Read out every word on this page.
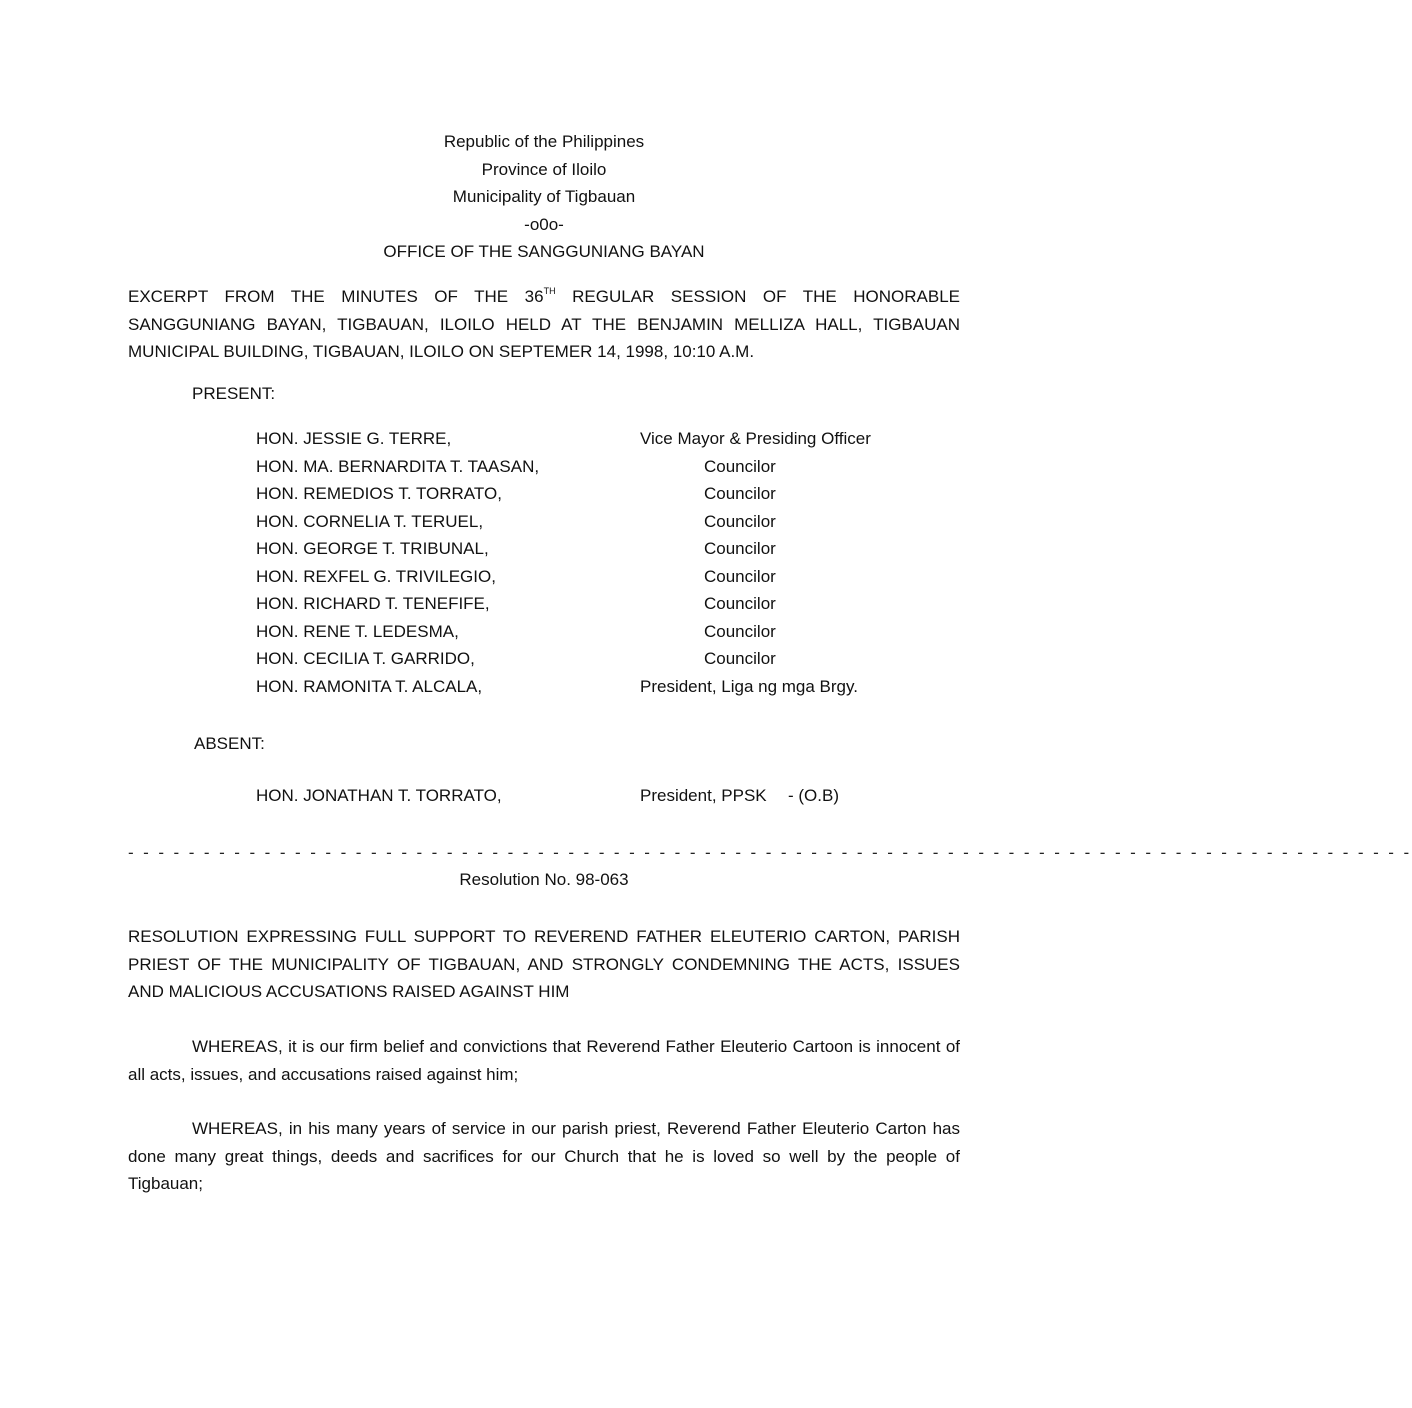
Republic of the Philippines
Province of Iloilo
Municipality of Tigbauan
-o0o-
OFFICE OF THE SANGGUNIANG BAYAN
EXCERPT FROM THE MINUTES OF THE 36TH REGULAR SESSION OF THE HONORABLE SANGGUNIANG BAYAN, TIGBAUAN, ILOILO HELD AT THE BENJAMIN MELLIZA HALL, TIGBAUAN MUNICIPAL BUILDING, TIGBAUAN, ILOILO ON SEPTEMER 14, 1998, 10:10 A.M.
PRESENT:
HON. JESSIE G. TERRE,	Vice Mayor & Presiding Officer
HON. MA. BERNARDITA T. TAASAN,	Councilor
HON. REMEDIOS T. TORRATO,	Councilor
HON. CORNELIA T. TERUEL,	Councilor
HON. GEORGE T. TRIBUNAL,	Councilor
HON. REXFEL G. TRIVILEGIO,	Councilor
HON. RICHARD T. TENEFIFE,	Councilor
HON. RENE T. LEDESMA,	Councilor
HON. CECILIA T. GARRIDO,	Councilor
HON. RAMONITA T. ALCALA,	President, Liga ng mga Brgy.
ABSENT:
HON. JONATHAN T. TORRATO,	President, PPSK - (O.B)
- - - - - - - - - - - - - - - - - - - - - - - - - - - - - - - - - - - - - - - - - - - - - - - - - - - - - - - - - - - - - - - - - - - - - - - - - - - - - - - - - - - - -
Resolution No. 98-063
RESOLUTION EXPRESSING FULL SUPPORT TO REVEREND FATHER ELEUTERIO CARTON, PARISH PRIEST OF THE MUNICIPALITY OF TIGBAUAN, AND STRONGLY CONDEMNING THE ACTS, ISSUES AND MALICIOUS ACCUSATIONS RAISED AGAINST HIM
WHEREAS, it is our firm belief and convictions that Reverend Father Eleuterio Cartoon is innocent of all acts, issues, and accusations raised against him;
WHEREAS, in his many years of service in our parish priest, Reverend Father Eleuterio Carton has done many great things, deeds and sacrifices for our Church that he is loved so well by the people of Tigbauan;
